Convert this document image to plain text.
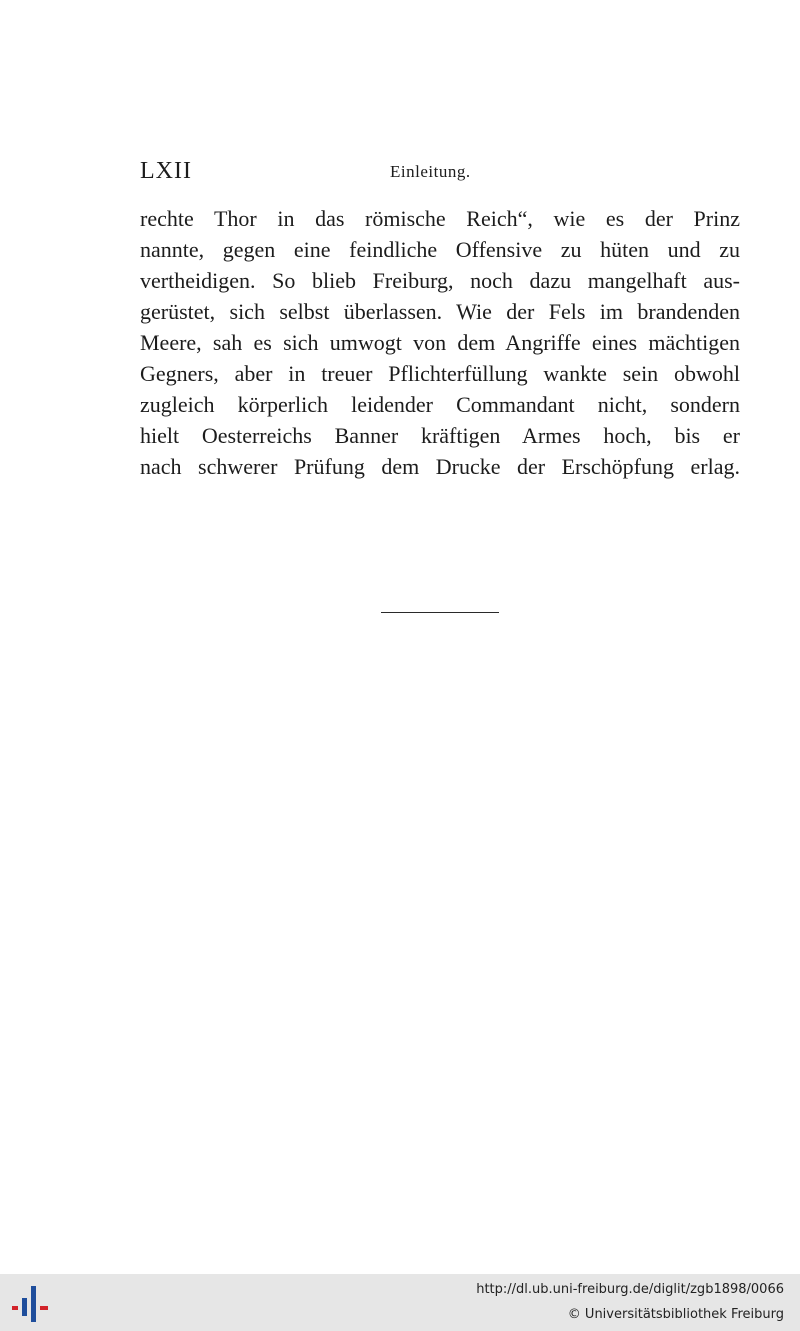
LXII	Einleitung.
rechte Thor in das römische Reich“, wie es der Prinz
nannte, gegen eine feindliche Offensive zu hüten und zu
vertheidigen. So blieb Freiburg, noch dazu mangelhaft aus-
gerüstet, sich selbst überlassen. Wie der Fels im brandenden
Meere, sah es sich umwogt von dem Angriffe eines mächtigen
Gegners, aber in treuer Pflichterfüllung wankte sein obwohl
zugleich körperlich leidender Commandant nicht, sondern
hielt Oesterreichs Banner kräftigen Armes hoch, bis er
nach schwerer Prüfung dem Drucke der Erschöpfung erlag.
http://dl.ub.uni-freiburg.de/diglit/zgb1898/0066
© Universitätsbibliothek Freiburg
